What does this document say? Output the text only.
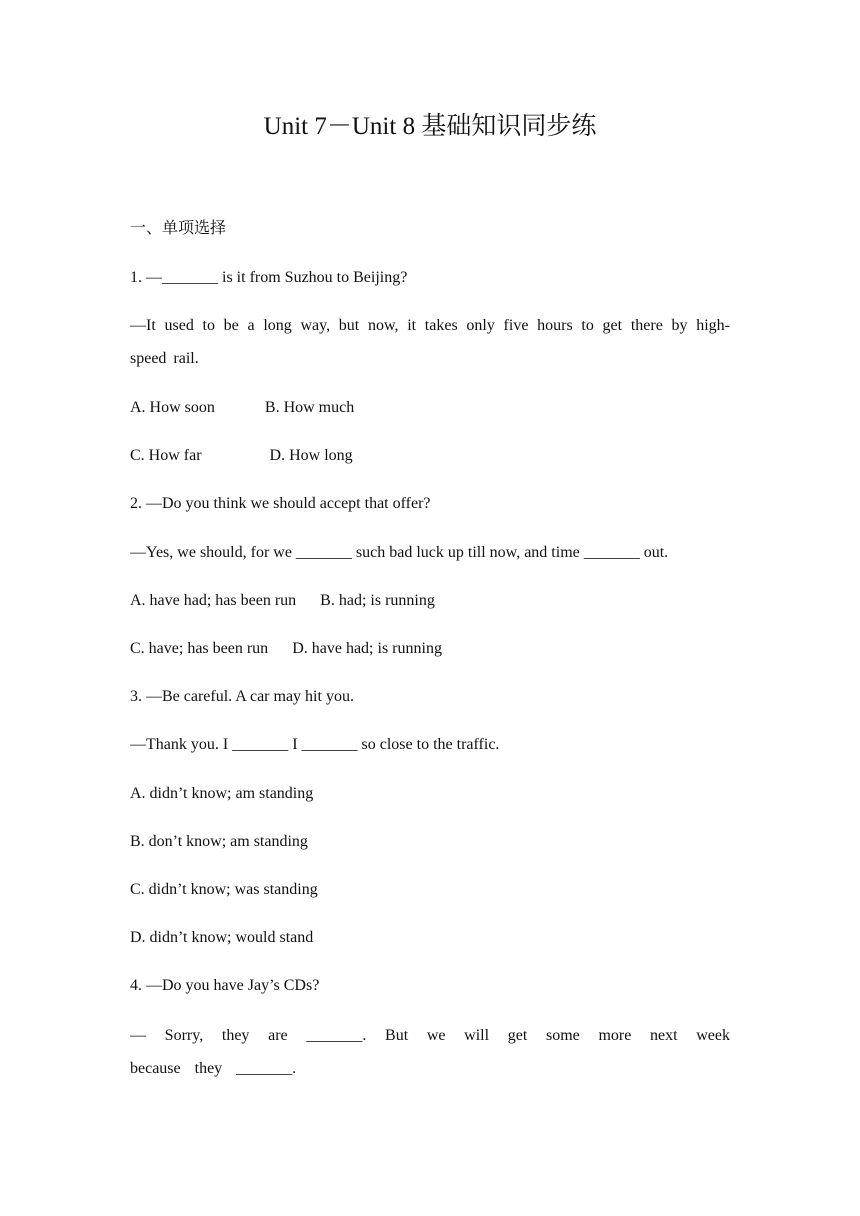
Unit 7－Unit 8 基础知识同步练
一、单项选择
1. —_______ is it from Suzhou to Beijing?
—It used to be a long way, but now, it takes only five hours to get there by high-speed rail.
A. How soon	B. How much
C. How far	D. How long
2. —Do you think we should accept that offer?
—Yes, we should, for we _______ such bad luck up till now, and time _______ out.
A. have had; has been run B. had; is running
C. have; has been run D. have had; is running
3. —Be careful. A car may hit you.
—Thank you. I _______ I _______ so close to the traffic.
A. didn’t know; am standing
B. don’t know; am standing
C. didn’t know; was standing
D. didn’t know; would stand
4. —Do you have Jay’s CDs?
— Sorry, they are _______. But we will get some more next week because they _______.
